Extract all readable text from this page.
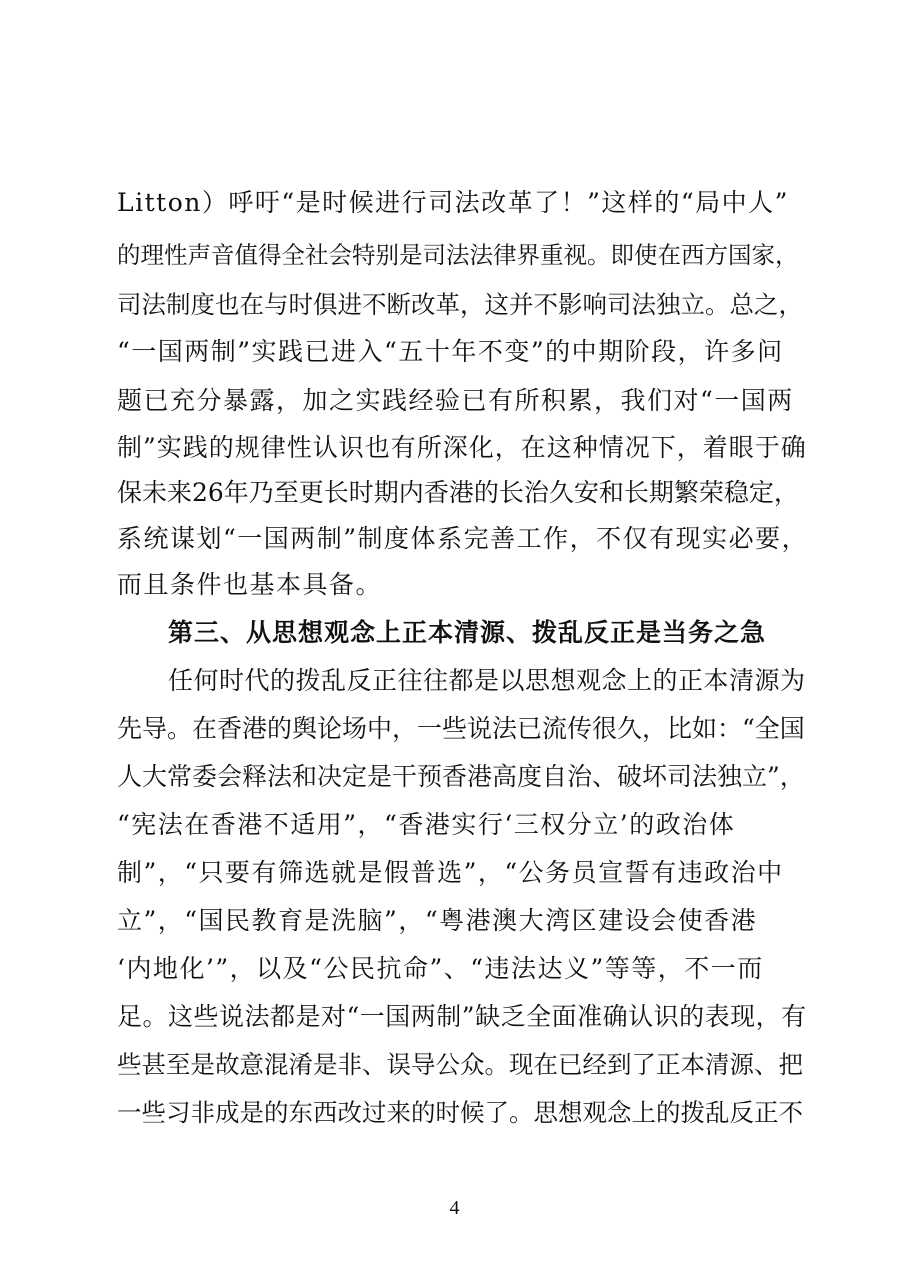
Litton）呼吁“是时候进行司法改革了！”这样的“局中人”
的理性声音值得全社会特别是司法法律界重视。即使在西方国家，
司法制度也在与时俱进不断改革，这并不影响司法独立。总之，
“一国两制”实践已进入“五十年不变”的中期阶段，许多问
题已充分暴露，加之实践经验已有所积累，我们对“一国两
制”实践的规律性认识也有所深化，在这种情况下，着眼于确
保未来26年乃至更长时期内香港的长治久安和长期繁荣稳定，
系统谋划“一国两制”制度体系完善工作，不仅有现实必要，
而且条件也基本具备。
第三、从思想观念上正本清源、拨乱反正是当务之急
任何时代的拨乱反正往往都是以思想观念上的正本清源为
先导。在香港的舆论场中，一些说法已流传很久，比如：“全国
人大常委会释法和决定是干预香港高度自治、破坏司法独立”，
“宪法在香港不适用”，“香港实行‘三权分立’的政治体
制”，“只要有筛选就是假普选”，“公务员宣誓有违政治中
立”，“国民教育是洗脑”，“粤港澳大湾区建设会使香港
‘内地化’”，以及“公民抗命”、“违法达义”等等，不一而
足。这些说法都是对“一国两制”缺乏全面准确认识的表现，有
些甚至是故意混淆是非、误导公众。现在已经到了正本清源、把
一些习非成是的东西改过来的时候了。思想观念上的拨乱反正不
4
